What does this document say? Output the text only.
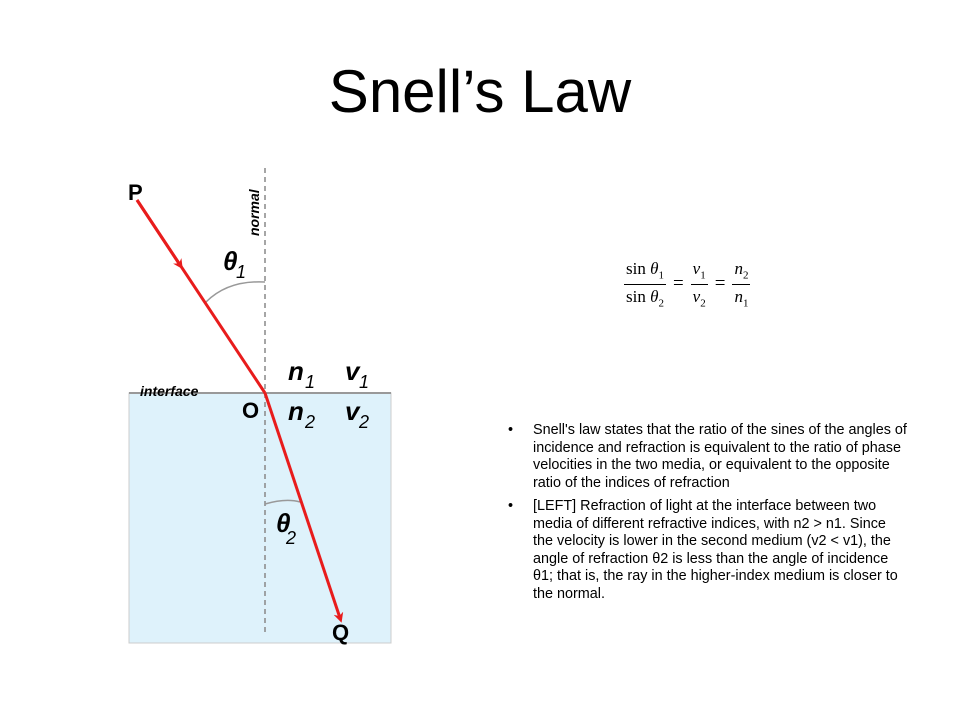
Snell’s Law
P
Q
O
normal
interface
θ
1
θ
2
n 1 v 1
n 2 v 2
$\frac{\sin \theta_1}{\sin \theta_2} = \frac{v_1}{v_2} = \frac{n_2}{n_1}$
• Snell's law states that the ratio of the sines of the angles of incidence and refraction is equivalent to the ratio of phase velocities in the two media, or equivalent to the opposite ratio of the indices of refraction
• [LEFT] Refraction of light at the interface between two media of different refractive indices, with n2 > n1. Since the velocity is lower in the second medium (v2 < v1), the angle of refraction θ2 is less than the angle of incidence θ1; that is, the ray in the higher-index medium is closer to the normal.
